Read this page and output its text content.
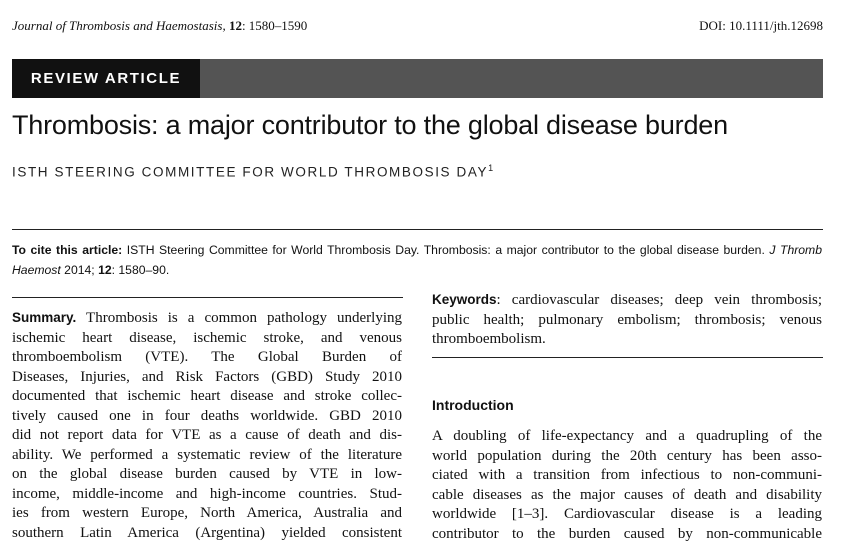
Journal of Thrombosis and Haemostasis, 12: 1580–1590	DOI: 10.1111/jth.12698
REVIEW ARTICLE
Thrombosis: a major contributor to the global disease burden
ISTH STEERING COMMITTEE FOR WORLD THROMBOSIS DAY$^1$
To cite this article: ISTH Steering Committee for World Thrombosis Day. Thrombosis: a major contributor to the global disease burden. J Thromb Haemost 2014; 12: 1580–90.
Summary. Thrombosis is a common pathology underlying
ischemic heart disease, ischemic stroke, and venous
thromboembolism (VTE). The Global Burden of
Diseases, Injuries, and Risk Factors (GBD) Study 2010
documented that ischemic heart disease and stroke collec-
tively caused one in four deaths worldwide. GBD 2010
did not report data for VTE as a cause of death and dis-
ability. We performed a systematic review of the literature
on the global disease burden caused by VTE in low-
income, middle-income and high-income countries. Stud-
ies from western Europe, North America, Australia and
southern Latin America (Argentina) yielded consistent
Keywords: cardiovascular diseases; deep vein thrombosis;
public health; pulmonary embolism; thrombosis; venous
thromboembolism.
Introduction
A doubling of life-expectancy and a quadrupling of the
world population during the 20th century has been asso-
ciated with a transition from infectious to non-communi-
cable diseases as the major causes of death and disability
worldwide [1–3]. Cardiovascular disease is a leading
contributor to the burden caused by non-communicable
